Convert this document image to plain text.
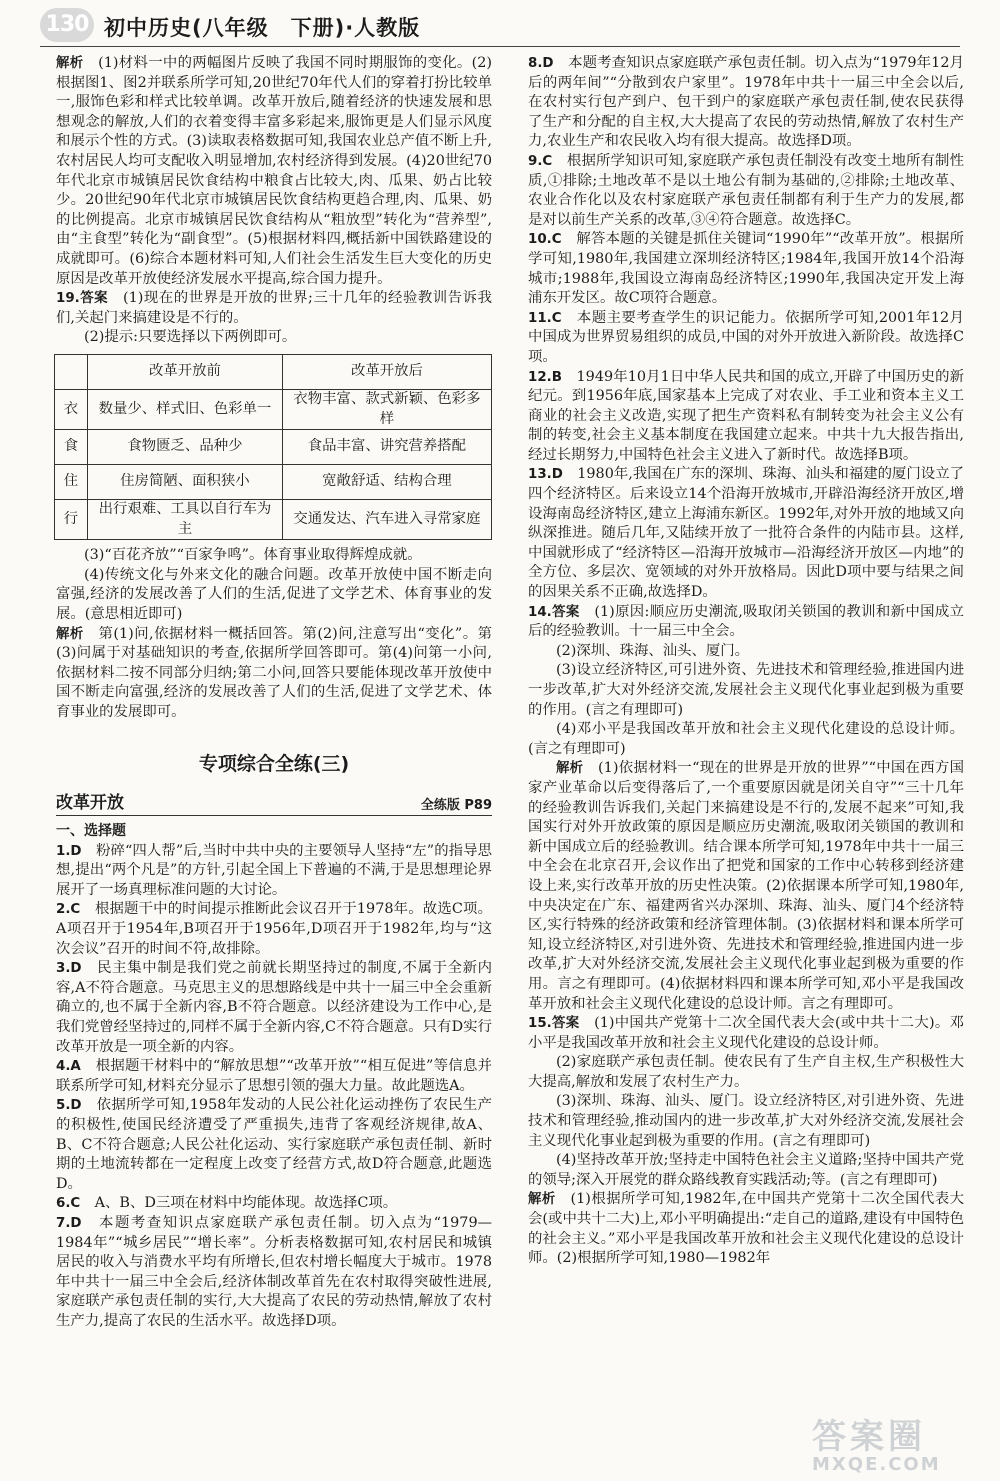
130 初中历史(八年级　下册)·人教版

解析　 (1)材料一中的两幅图片反映了我国不同时期服饰的变化。(2)根据图1、图2并联系所学可知,20世纪70年代人们的穿着打扮比较单一,服饰色彩和样式比较单调。改革开放后,随着经济的快速发展和思想观念的解放,人们的衣着变得丰富多彩起来,服饰更是人们显示风度和展示个性的方式。(3)读取表格数据可知,我国农业总产值不断上升,农村居民人均可支配收入明显增加,农村经济得到发展。(4)20世纪70年代北京市城镇居民饮食结构中粮食占比较大,肉、瓜果、奶占比较少。20世纪90年代北京市城镇居民饮食结构更趋合理,肉、瓜果、奶的比例提高。北京市城镇居民饮食结构从“粗放型”转化为“营养型”,由“主食型”转化为“副食型”。(5)根据材料四,概括新中国铁路建设的成就即可。(6)综合本题材料可知,人们社会生活发生巨大变化的历史原因是改革开放使经济发展水平提高,综合国力提升。

19.答案　 (1)现在的世界是开放的世界;三十几年的经验教训告诉我们,关起门来搞建设是不行的。

(2)提示:只要选择以下两例即可。

	改革开放前	改革开放后
衣	数量少、样式旧、色彩单一	衣物丰富、款式新颖、色彩多样
食	食物匮乏、品种少	食品丰富、讲究营养搭配
住	住房简陋、面积狭小	宽敞舒适、结构合理
行	出行艰难、工具以自行车为主	交通发达、汽车进入寻常家庭

(3)“百花齐放”“百家争鸣”。体育事业取得辉煌成就。

(4)传统文化与外来文化的融合问题。改革开放使中国不断走向富强,经济的发展改善了人们的生活,促进了文学艺术、体育事业的发展。(意思相近即可)

解析　 第(1)问,依据材料一概括回答。第(2)问,注意写出“变化”。第(3)问属于对基础知识的考查,依据所学回答即可。第(4)问第一小问,依据材料二按不同部分归纳;第二小问,回答只要能体现改革开放使中国不断走向富强,经济的发展改善了人们的生活,促进了文学艺术、体育事业的发展即可。

专项综合全练(三)
改革开放	全练版 P89
一、选择题

1.D　 粉碎“四人帮”后,当时中共中央的主要领导人坚持“左”的指导思想,提出“两个凡是”的方针,引起全国上下普遍的不满,于是思想理论界展开了一场真理标准问题的大讨论。

2.C　 根据题干中的时间提示推断此会议召开于1978年。故选C项。A项召开于1954年,B项召开于1956年,D项召开于1982年,均与“这次会议”召开的时间不符,故排除。

3.D　 民主集中制是我们党之前就长期坚持过的制度,不属于全新内容,A不符合题意。马克思主义的思想路线是中共十一届三中全会重新确立的,也不属于全新内容,B不符合题意。以经济建设为工作中心,是我们党曾经坚持过的,同样不属于全新内容,C不符合题意。只有D实行改革开放是一项全新的内容。

4.A　 根据题干材料中的“解放思想”“改革开放”“相互促进”等信息并联系所学可知,材料充分显示了思想引领的强大力量。故此题选A。

5.D　 依据所学可知,1958年发动的人民公社化运动挫伤了农民生产的积极性,使国民经济遭受了严重损失,违背了客观经济规律,故A、B、C不符合题意;人民公社化运动、实行家庭联产承包责任制、新时期的土地流转都在一定程度上改变了经营方式,故D符合题意,此题选D。

6.C　 A、B、D三项在材料中均能体现。故选择C项。

7.D　 本题考查知识点家庭联产承包责任制。切入点为“1979—1984年”“城乡居民”“增长率”。分析表格数据可知,农村居民和城镇居民的收入与消费水平均有所增长,但农村增长幅度大于城市。1978年中共十一届三中全会后,经济体制改革首先在农村取得突破性进展,家庭联产承包责任制的实行,大大提高了农民的劳动热情,解放了农村生产力,提高了农民的生活水平。故选择D项。

8.D　 本题考查知识点家庭联产承包责任制。切入点为“1979年12月后的两年间”“分散到农户家里”。1978年中共十一届三中全会以后,在农村实行包产到户、包干到户的家庭联产承包责任制,使农民获得了生产和分配的自主权,大大提高了农民的劳动热情,解放了农村生产力,农业生产和农民收入均有很大提高。故选择D项。

9.C　 根据所学知识可知,家庭联产承包责任制没有改变土地所有制性质,①排除;土地改革不是以土地公有制为基础的,②排除;土地改革、农业合作化以及农村家庭联产承包责任制都有利于生产力的发展,都是对以前生产关系的改革,③④符合题意。故选择C。

10.C　 解答本题的关键是抓住关键词“1990年”“改革开放”。根据所学可知,1980年,我国建立深圳经济特区;1984年,我国开放14个沿海城市;1988年,我国设立海南岛经济特区;1990年,我国决定开发上海浦东开发区。故C项符合题意。

11.C　 本题主要考查学生的识记能力。依据所学可知,2001年12月中国成为世界贸易组织的成员,中国的对外开放进入新阶段。故选择C项。

12.B　 1949年10月1日中华人民共和国的成立,开辟了中国历史的新纪元。到1956年底,国家基本上完成了对农业、手工业和资本主义工商业的社会主义改造,实现了把生产资料私有制转变为社会主义公有制的转变,社会主义基本制度在我国建立起来。中共十九大报告指出,经过长期努力,中国特色社会主义进入了新时代。故选择B项。

13.D　 1980年,我国在广东的深圳、珠海、汕头和福建的厦门设立了四个经济特区。后来设立14个沿海开放城市,开辟沿海经济开放区,增设海南岛经济特区,建立上海浦东新区。1992年,对外开放的地域又向纵深推进。随后几年,又陆续开放了一批符合条件的内陆市县。这样,中国就形成了“经济特区—沿海开放城市—沿海经济开放区—内地”的全方位、多层次、宽领域的对外开放格局。因此D项中要与结果之间的因果关系不正确,故选择D。

14.答案　 (1)原因:顺应历史潮流,吸取闭关锁国的教训和新中国成立后的经验教训。十一届三中全会。

(2)深圳、珠海、汕头、厦门。

(3)设立经济特区,可引进外资、先进技术和管理经验,推进国内进一步改革,扩大对外经济交流,发展社会主义现代化事业起到极为重要的作用。(言之有理即可)

(4)邓小平是我国改革开放和社会主义现代化建设的总设计师。(言之有理即可)

解析　 (1)依据材料一“现在的世界是开放的世界”“中国在西方国家产业革命以后变得落后了,一个重要原因就是闭关自守”“三十几年的经验教训告诉我们,关起门来搞建设是不行的,发展不起来”可知,我国实行对外开放政策的原因是顺应历史潮流,吸取闭关锁国的教训和新中国成立后的经验教训。结合课本所学可知,1978年中共十一届三中全会在北京召开,会议作出了把党和国家的工作中心转移到经济建设上来,实行改革开放的历史性决策。(2)依据课本所学可知,1980年,中央决定在广东、福建两省兴办深圳、珠海、汕头、厦门4个经济特区,实行特殊的经济政策和经济管理体制。(3)依据材料和课本所学可知,设立经济特区,对引进外资、先进技术和管理经验,推进国内进一步改革,扩大对外经济交流,发展社会主义现代化事业起到极为重要的作用。言之有理即可。(4)依据材料四和课本所学可知,邓小平是我国改革开放和社会主义现代化建设的总设计师。言之有理即可。

15.答案　 (1)中国共产党第十二次全国代表大会(或中共十二大)。邓小平是我国改革开放和社会主义现代化建设的总设计师。

(2)家庭联产承包责任制。使农民有了生产自主权,生产积极性大大提高,解放和发展了农村生产力。

(3)深圳、珠海、汕头、厦门。设立经济特区,对引进外资、先进技术和管理经验,推动国内的进一步改革,扩大对外经济交流,发展社会主义现代化事业起到极为重要的作用。(言之有理即可)

(4)坚持改革开放;坚持走中国特色社会主义道路;坚持中国共产党的领导;深入开展党的群众路线教育实践活动;等。(言之有理即可)

解析　 (1)根据所学可知,1982年,在中国共产党第十二次全国代表大会(或中共十二大)上,邓小平明确提出:“走自己的道路,建设有中国特色的社会主义。”邓小平是我国改革开放和社会主义现代化建设的总设计师。(2)根据所学可知,1980—1982年

答案圈
MXQE.COM
